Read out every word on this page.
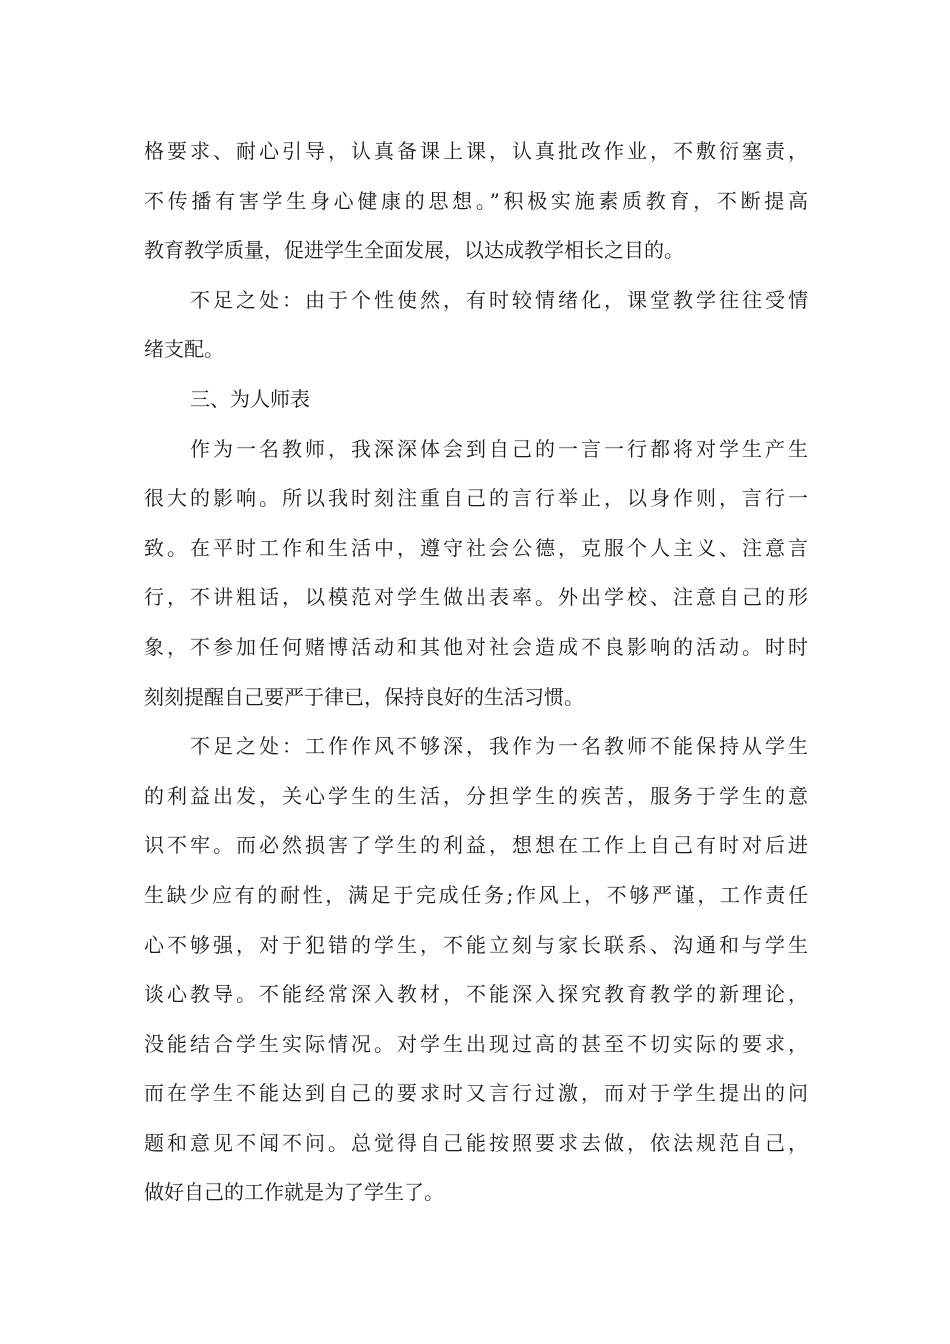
格要求、耐心引导，认真备课上课，认真批改作业，不敷衍塞责，
不传播有害学生身心健康的思想。”积极实施素质教育，不断提高
教育教学质量，促进学生全面发展，以达成教学相长之目的。
不足之处：由于个性使然，有时较情绪化，课堂教学往往受情
绪支配。
三、为人师表
作为一名教师，我深深体会到自己的一言一行都将对学生产生
很大的影响。所以我时刻注重自己的言行举止，以身作则，言行一
致。在平时工作和生活中，遵守社会公德，克服个人主义、注意言
行，不讲粗话，以模范对学生做出表率。外出学校、注意自己的形
象，不参加任何赌博活动和其他对社会造成不良影响的活动。时时
刻刻提醒自己要严于律已，保持良好的生活习惯。
不足之处：工作作风不够深，我作为一名教师不能保持从学生
的利益出发，关心学生的生活，分担学生的疾苦，服务于学生的意
识不牢。而必然损害了学生的利益，想想在工作上自己有时对后进
生缺少应有的耐性，满足于完成任务;作风上，不够严谨，工作责任
心不够强，对于犯错的学生，不能立刻与家长联系、沟通和与学生
谈心教导。不能经常深入教材，不能深入探究教育教学的新理论，
没能结合学生实际情况。对学生出现过高的甚至不切实际的要求，
而在学生不能达到自己的要求时又言行过激，而对于学生提出的问
题和意见不闻不问。总觉得自己能按照要求去做，依法规范自己，
做好自己的工作就是为了学生了。
